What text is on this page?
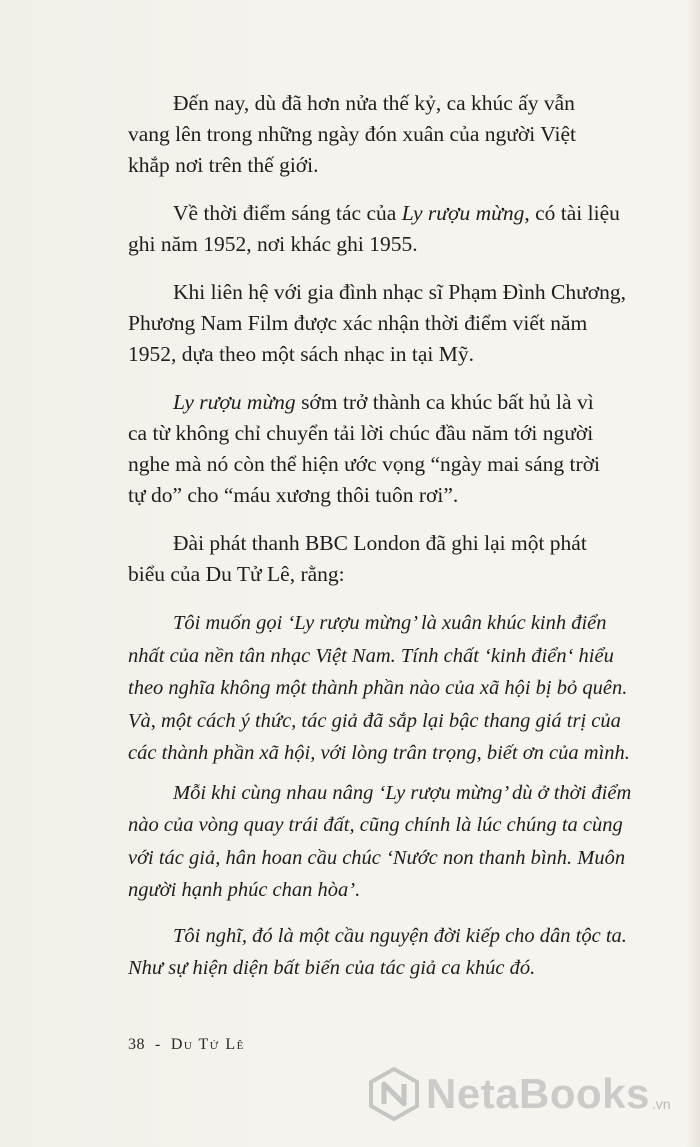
Đến nay, dù đã hơn nửa thế kỷ, ca khúc ấy vẫn
vang lên trong những ngày đón xuân của người Việt
khắp nơi trên thế giới.

Về thời điểm sáng tác của Ly rượu mừng, có tài liệu
ghi năm 1952, nơi khác ghi 1955.

Khi liên hệ với gia đình nhạc sĩ Phạm Đình Chương,
Phương Nam Film được xác nhận thời điểm viết năm
1952, dựa theo một sách nhạc in tại Mỹ.

Ly rượu mừng sớm trở thành ca khúc bất hủ là vì
ca từ không chỉ chuyển tải lời chúc đầu năm tới người
nghe mà nó còn thể hiện ước vọng “ngày mai sáng trời
tự do” cho “máu xương thôi tuôn rơi”.

Đài phát thanh BBC London đã ghi lại một phát
biểu của Du Tử Lê, rằng:

Tôi muốn gọi ‘Ly rượu mừng’ là xuân khúc kinh điển
nhất của nền tân nhạc Việt Nam. Tính chất ‘kinh điển‘ hiểu
theo nghĩa không một thành phần nào của xã hội bị bỏ quên.
Và, một cách ý thức, tác giả đã sắp lại bậc thang giá trị của
các thành phần xã hội, với lòng trân trọng, biết ơn của mình.

Mỗi khi cùng nhau nâng ‘Ly rượu mừng’ dù ở thời điểm
nào của vòng quay trái đất, cũng chính là lúc chúng ta cùng
với tác giả, hân hoan cầu chúc ‘Nước non thanh bình. Muôn
người hạnh phúc chan hòa’.

Tôi nghĩ, đó là một cầu nguyện đời kiếp cho dân tộc ta.
Như sự hiện diện bất biến của tác giả ca khúc đó.

38 - Du Tử Lê
NetaBooks .vn
